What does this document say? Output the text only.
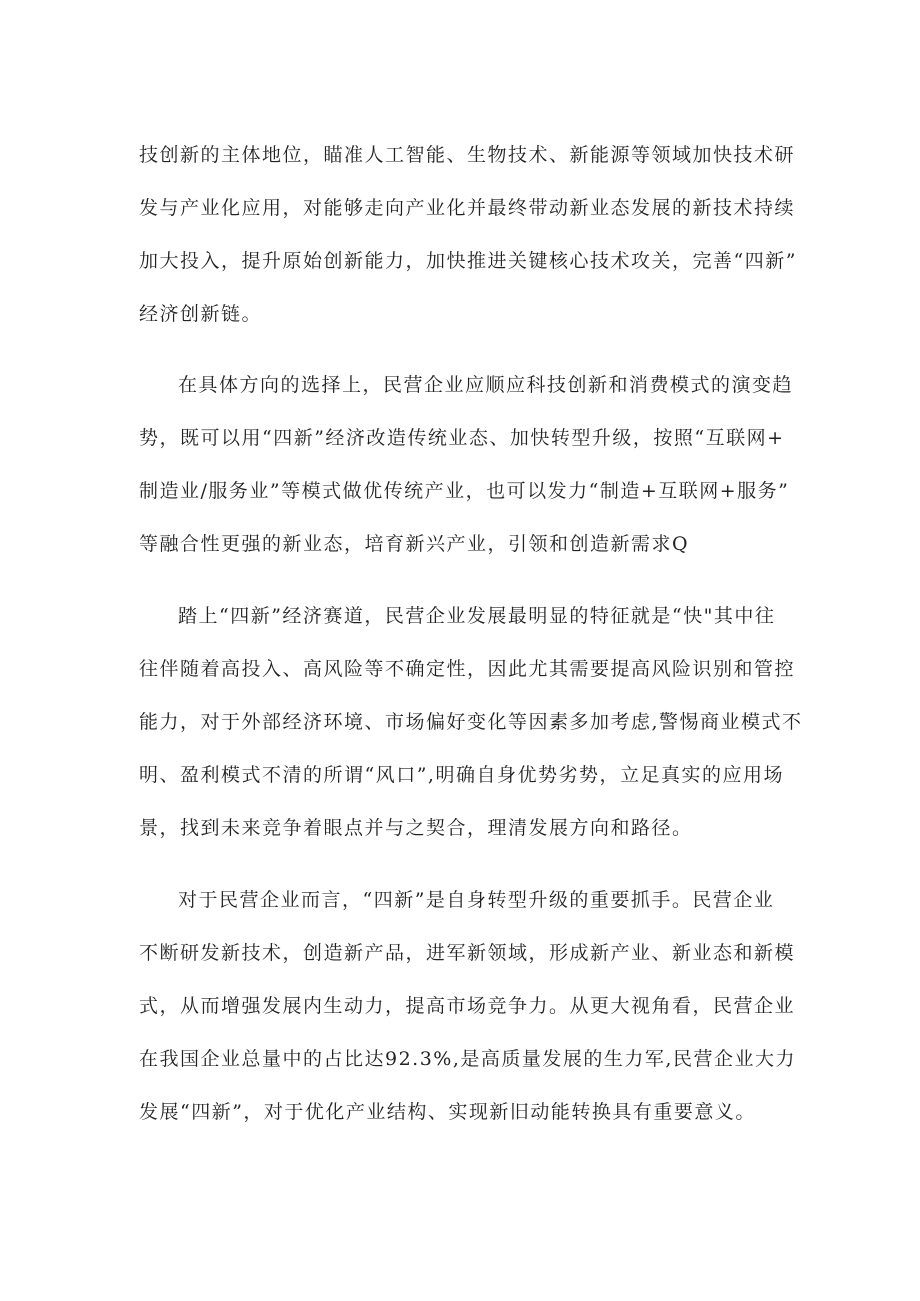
技创新的主体地位，瞄准人工智能、生物技术、新能源等领域加快技术研

发与产业化应用，对能够走向产业化并最终带动新业态发展的新技术持续

加大投入，提升原始创新能力，加快推进关键核心技术攻关，完善“四新”

经济创新链。

在具体方向的选择上，民营企业应顺应科技创新和消费模式的演变趋

势，既可以用“四新”经济改造传统业态、加快转型升级，按照“互联网+

制造业/服务业”等模式做优传统产业，也可以发力“制造+互联网+服务”

等融合性更强的新业态，培育新兴产业，引领和创造新需求Q

踏上“四新”经济赛道，民营企业发展最明显的特征就是“快"其中往

往伴随着高投入、高风险等不确定性，因此尤其需要提高风险识别和管控

能力，对于外部经济环境、市场偏好变化等因素多加考虑,警惕商业模式不

明、盈利模式不清的所谓“风口”,明确自身优势劣势，立足真实的应用场

景，找到未来竞争着眼点并与之契合，理清发展方向和路径。

对于民营企业而言，“四新”是自身转型升级的重要抓手。民营企业

不断研发新技术，创造新产品，进军新领域，形成新产业、新业态和新模

式，从而增强发展内生动力，提高市场竞争力。从更大视角看，民营企业

在我国企业总量中的占比达92.3%,是高质量发展的生力军,民营企业大力

发展“四新”，对于优化产业结构、实现新旧动能转换具有重要意义。
